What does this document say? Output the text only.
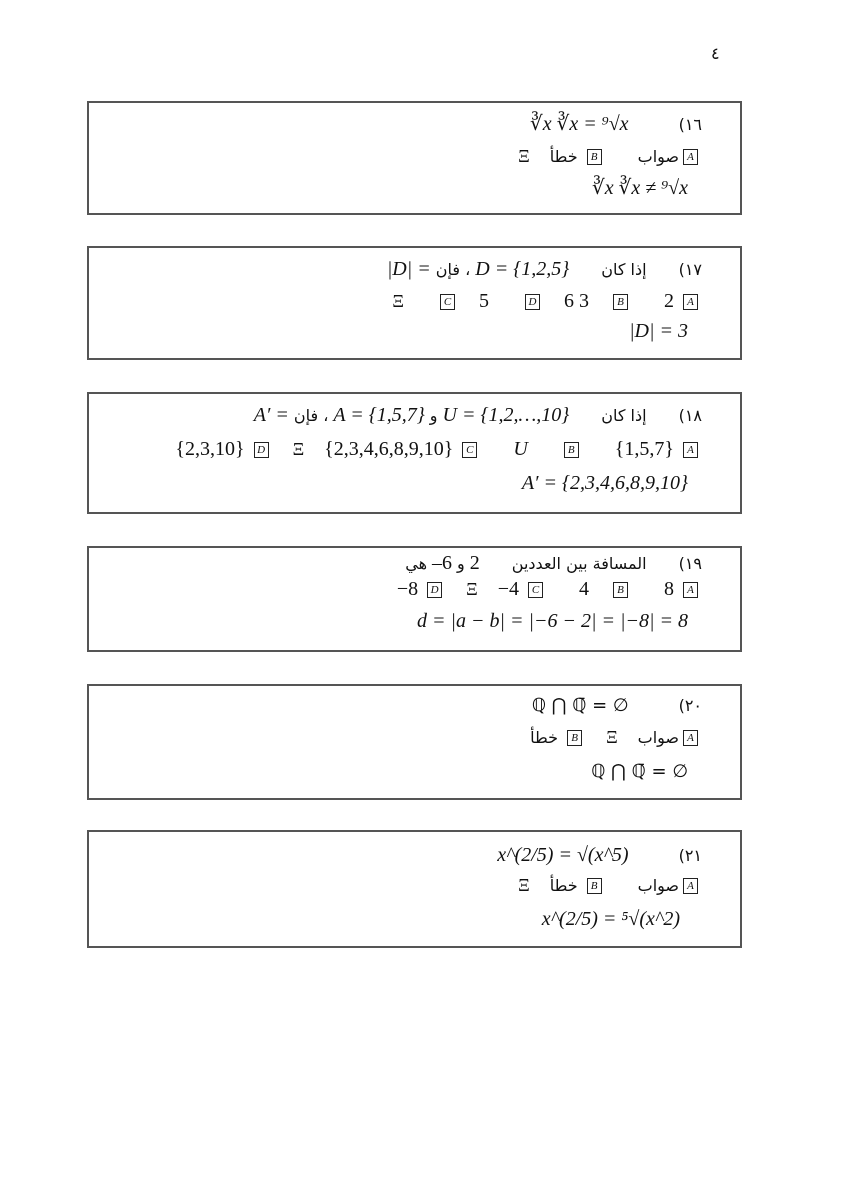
٤
١٦)  ∛x ∛x = ⁹√x
Aصواب  B خطأ  Ξ
∛x ∛x ≠ ⁹√x
١٧)  إذا كان  D = {1,2,5} ، فإن |D| =
A 2  B  3 Ξ	C 5	D 6
|D| = 3
١٨)  إذا كان  U = {1,2,…,10} و A = {1,5,7} ، فإن A′ =
A {1,5,7}  B  U  C {2,3,4,6,8,9,10}  Ξ  D {2,3,10}
A′ = {2,3,4,6,8,9,10}
١٩)  المسافة بين العددين  2 و 6– هي
A 8  B  4  C −4  Ξ  D −8
d = |a − b| = |−6 − 2| = |−8| = 8
٢٠)  ℚ ⋂ ℚ̄ = ∅
Aصواب  Ξ  B خطأ
ℚ ⋂ ℚ̄ = ∅
٢١)  x^(2/5) = √(x^5)
Aصواب  B خطأ  Ξ
x^(2/5) = ⁵√(x^2)
